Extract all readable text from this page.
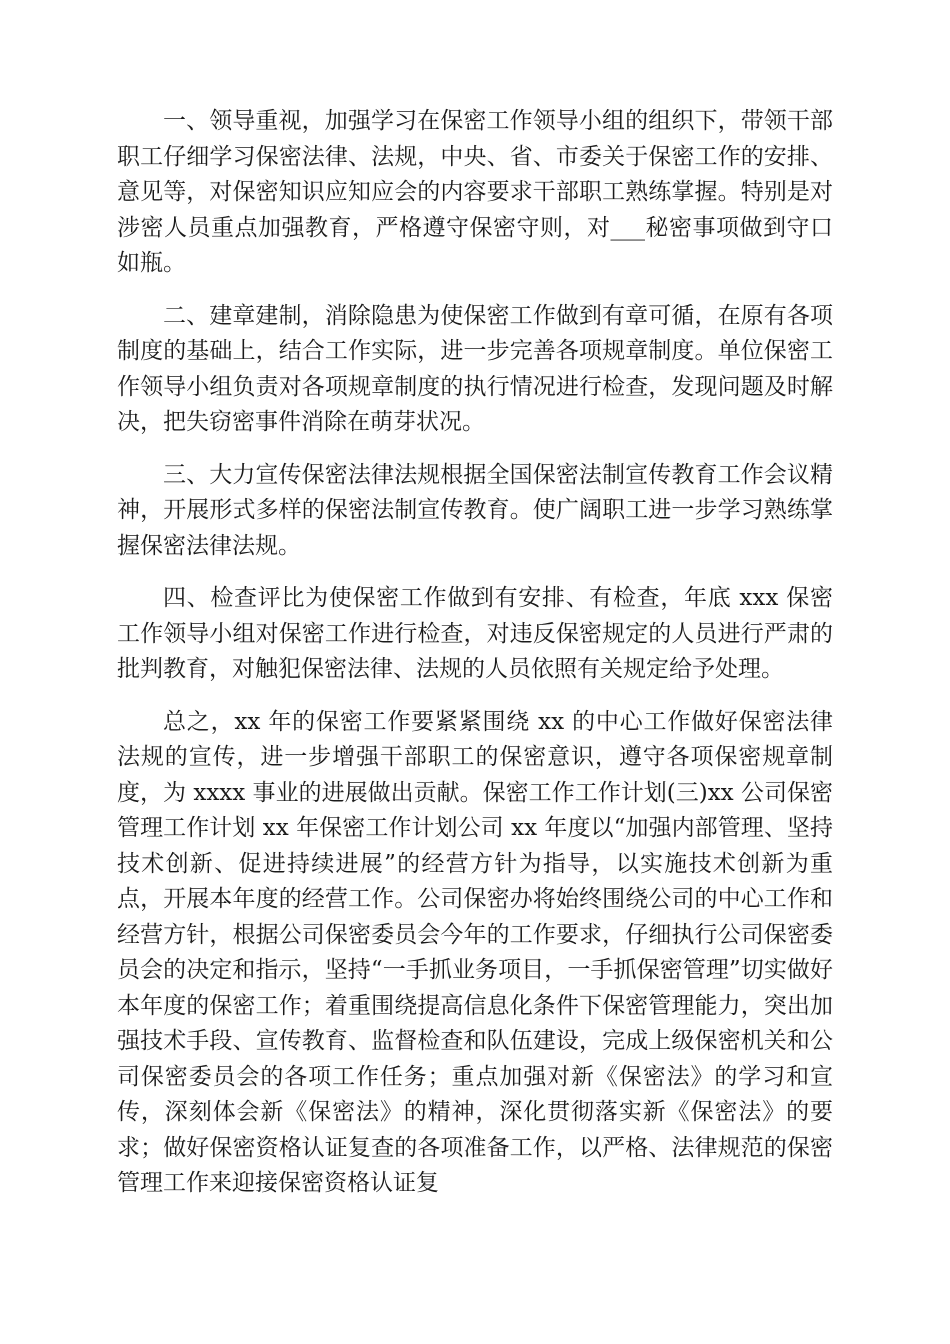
一、领导重视，加强学习在保密工作领导小组的组织下，带领干部职工仔细学习保密法律、法规，中央、省、市委关于保密工作的安排、意见等，对保密知识应知应会的内容要求干部职工熟练掌握。特别是对涉密人员重点加强教育，严格遵守保密守则，对___秘密事项做到守口如瓶。

二、建章建制，消除隐患为使保密工作做到有章可循，在原有各项制度的基础上，结合工作实际，进一步完善各项规章制度。单位保密工作领导小组负责对各项规章制度的执行情况进行检查，发现问题及时解决，把失窃密事件消除在萌芽状况。

三、大力宣传保密法律法规根据全国保密法制宣传教育工作会议精神，开展形式多样的保密法制宣传教育。使广阔职工进一步学习熟练掌握保密法律法规。

四、检查评比为使保密工作做到有安排、有检查，年底 xxx 保密工作领导小组对保密工作进行检查，对违反保密规定的人员进行严肃的批判教育，对触犯保密法律、法规的人员依照有关规定给予处理。

总之，xx 年的保密工作要紧紧围绕 xx 的中心工作做好保密法律法规的宣传，进一步增强干部职工的保密意识，遵守各项保密规章制度，为 xxxx 事业的进展做出贡献。保密工作工作计划(三)xx 公司保密管理工作计划 xx 年保密工作计划公司 xx 年度以“加强内部管理、坚持技术创新、促进持续进展”的经营方针为指导，以实施技术创新为重点，开展本年度的经营工作。公司保密办将始终围绕公司的中心工作和经营方针，根据公司保密委员会今年的工作要求，仔细执行公司保密委员会的决定和指示，坚持“一手抓业务项目，一手抓保密管理”切实做好本年度的保密工作；着重围绕提高信息化条件下保密管理能力，突出加强技术手段、宣传教育、监督检查和队伍建设，完成上级保密机关和公司保密委员会的各项工作任务；重点加强对新《保密法》的学习和宣传，深刻体会新《保密法》的精神，深化贯彻落实新《保密法》的要求；做好保密资格认证复查的各项准备工作，以严格、法律规范的保密管理工作来迎接保密资格认证复
